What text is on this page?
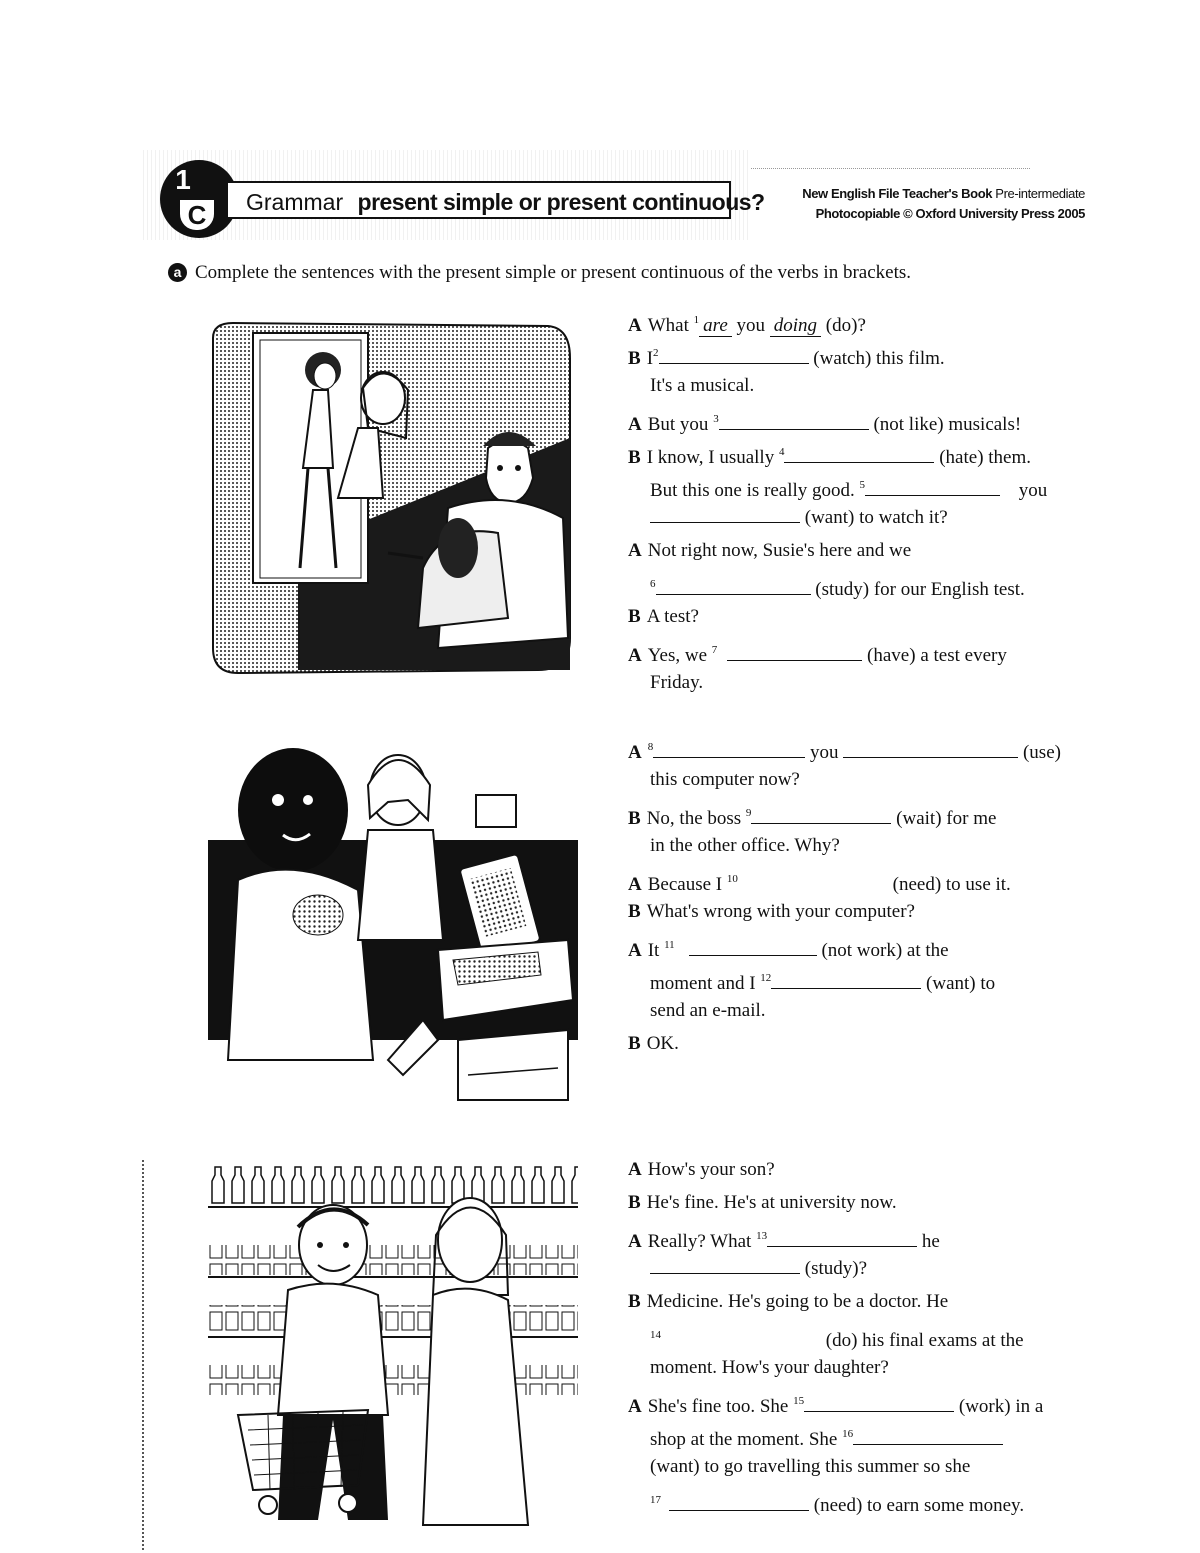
1
C	Grammar present simple or present continuous?	New English File Teacher's Book Pre-intermediate
Photocopiable © Oxford University Press 2005
a Complete the sentences with the present simple or present continuous of the verbs in brackets.
A What $^1$ are you doing (do)?
B $I^2$	(watch) this film.
It's a musical.
A But you $^3$	(not like) musicals!
B I know, I usually $^4$	(hate) them.
But this one is really good. $^5$	you
(want) to watch it?
A Not right now, Susie's here and we
$^6$	(study) for our English test.
B A test?
A Yes, we $^7$	(have) a test every
Friday.
A $^8$	you	(use)
this computer now?
B No, the boss $^9$	(wait) for me
in the other office. Why?
A Because I $^{10}$	(need) to use it.
B What's wrong with your computer?
A It $^{11}$	(not work) at the
moment and I $^{12}$	(want) to
send an e-mail.
B OK.
A How's your son?
B He's fine. He's at university now.
A Really? What $^{13}$	he
(study)?
B Medicine. He's going to be a doctor. He
$^{14}$	(do) his final exams at the
moment. How's your daughter?
A She's fine too. She $^{15}$	(work) in a
shop at the moment. She $^{16}$
(want) to go travelling this summer so she
$^{17}$	(need) to earn some money.
